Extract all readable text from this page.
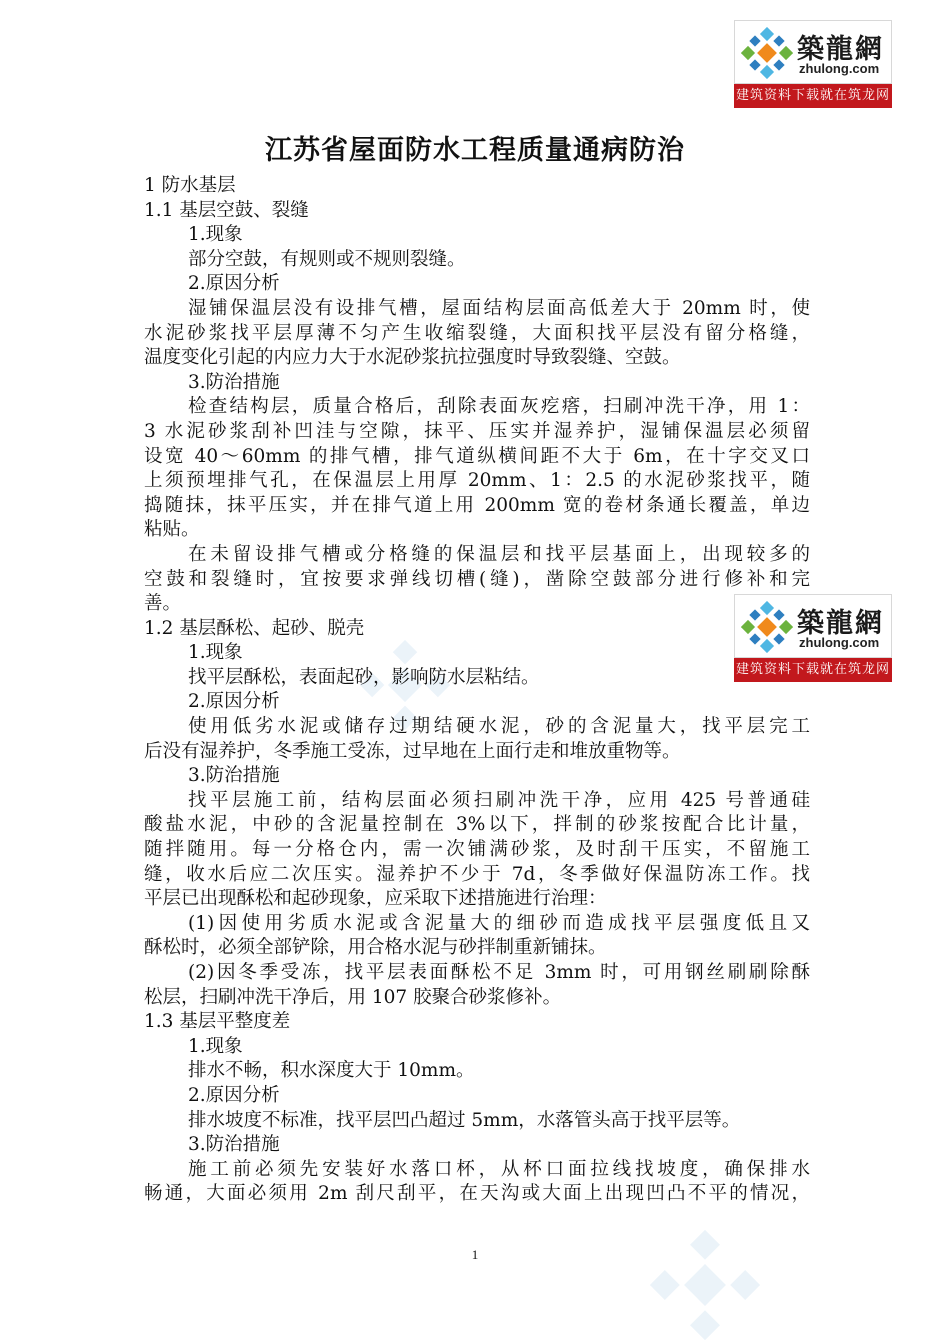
築龍網
zhulong.com
建筑资料下载就在筑龙网
築龍網
zhulong.com
建筑资料下载就在筑龙网
江苏省屋面防水工程质量通病防治
1 防水基层
1.1 基层空鼓、裂缝
1.现象
部分空鼓，有规则或不规则裂缝。
2.原因分析
湿铺保温层没有设排气槽，屋面结构层面高低差大于 20mm 时，使
水泥砂浆找平层厚薄不匀产生收缩裂缝，大面积找平层没有留分格缝，
温度变化引起的内应力大于水泥砂浆抗拉强度时导致裂缝、空鼓。
3.防治措施
检查结构层，质量合格后，刮除表面灰疙瘩，扫刷冲洗干净，用 1：
3 水泥砂浆刮补凹洼与空隙，抹平、压实并湿养护，湿铺保温层必须留
设宽 40～60mm 的排气槽，排气道纵横间距不大于 6m，在十字交叉口
上须预埋排气孔，在保温层上用厚 20mm、1：2.5 的水泥砂浆找平，随
捣随抹，抹平压实，并在排气道上用 200mm 宽的卷材条通长覆盖，单边
粘贴。
在未留设排气槽或分格缝的保温层和找平层基面上，出现较多的
空鼓和裂缝时，宜按要求弹线切槽(缝)，凿除空鼓部分进行修补和完
善。
1.2 基层酥松、起砂、脱壳
1.现象
找平层酥松，表面起砂，影响防水层粘结。
2.原因分析
使用低劣水泥或储存过期结硬水泥，砂的含泥量大，找平层完工
后没有湿养护，冬季施工受冻，过早地在上面行走和堆放重物等。
3.防治措施
找平层施工前，结构层面必须扫刷冲洗干净，应用 425 号普通硅
酸盐水泥，中砂的含泥量控制在 3%以下，拌制的砂浆按配合比计量，
随拌随用。每一分格仓内，需一次铺满砂浆，及时刮干压实，不留施工
缝，收水后应二次压实。湿养护不少于 7d，冬季做好保温防冻工作。找
平层已出现酥松和起砂现象，应采取下述措施进行治理：
(1)因使用劣质水泥或含泥量大的细砂而造成找平层强度低且又
酥松时，必须全部铲除，用合格水泥与砂拌制重新铺抹。
(2)因冬季受冻，找平层表面酥松不足 3mm 时，可用钢丝刷刷除酥
松层，扫刷冲洗干净后，用 107 胶聚合砂浆修补。
1.3 基层平整度差
1.现象
排水不畅，积水深度大于 10mm。
2.原因分析
排水坡度不标准，找平层凹凸超过 5mm，水落管头高于找平层等。
3.防治措施
施工前必须先安装好水落口杯，从杯口面拉线找坡度，确保排水
畅通，大面必须用 2m 刮尺刮平，在天沟或大面上出现凹凸不平的情况，
1
